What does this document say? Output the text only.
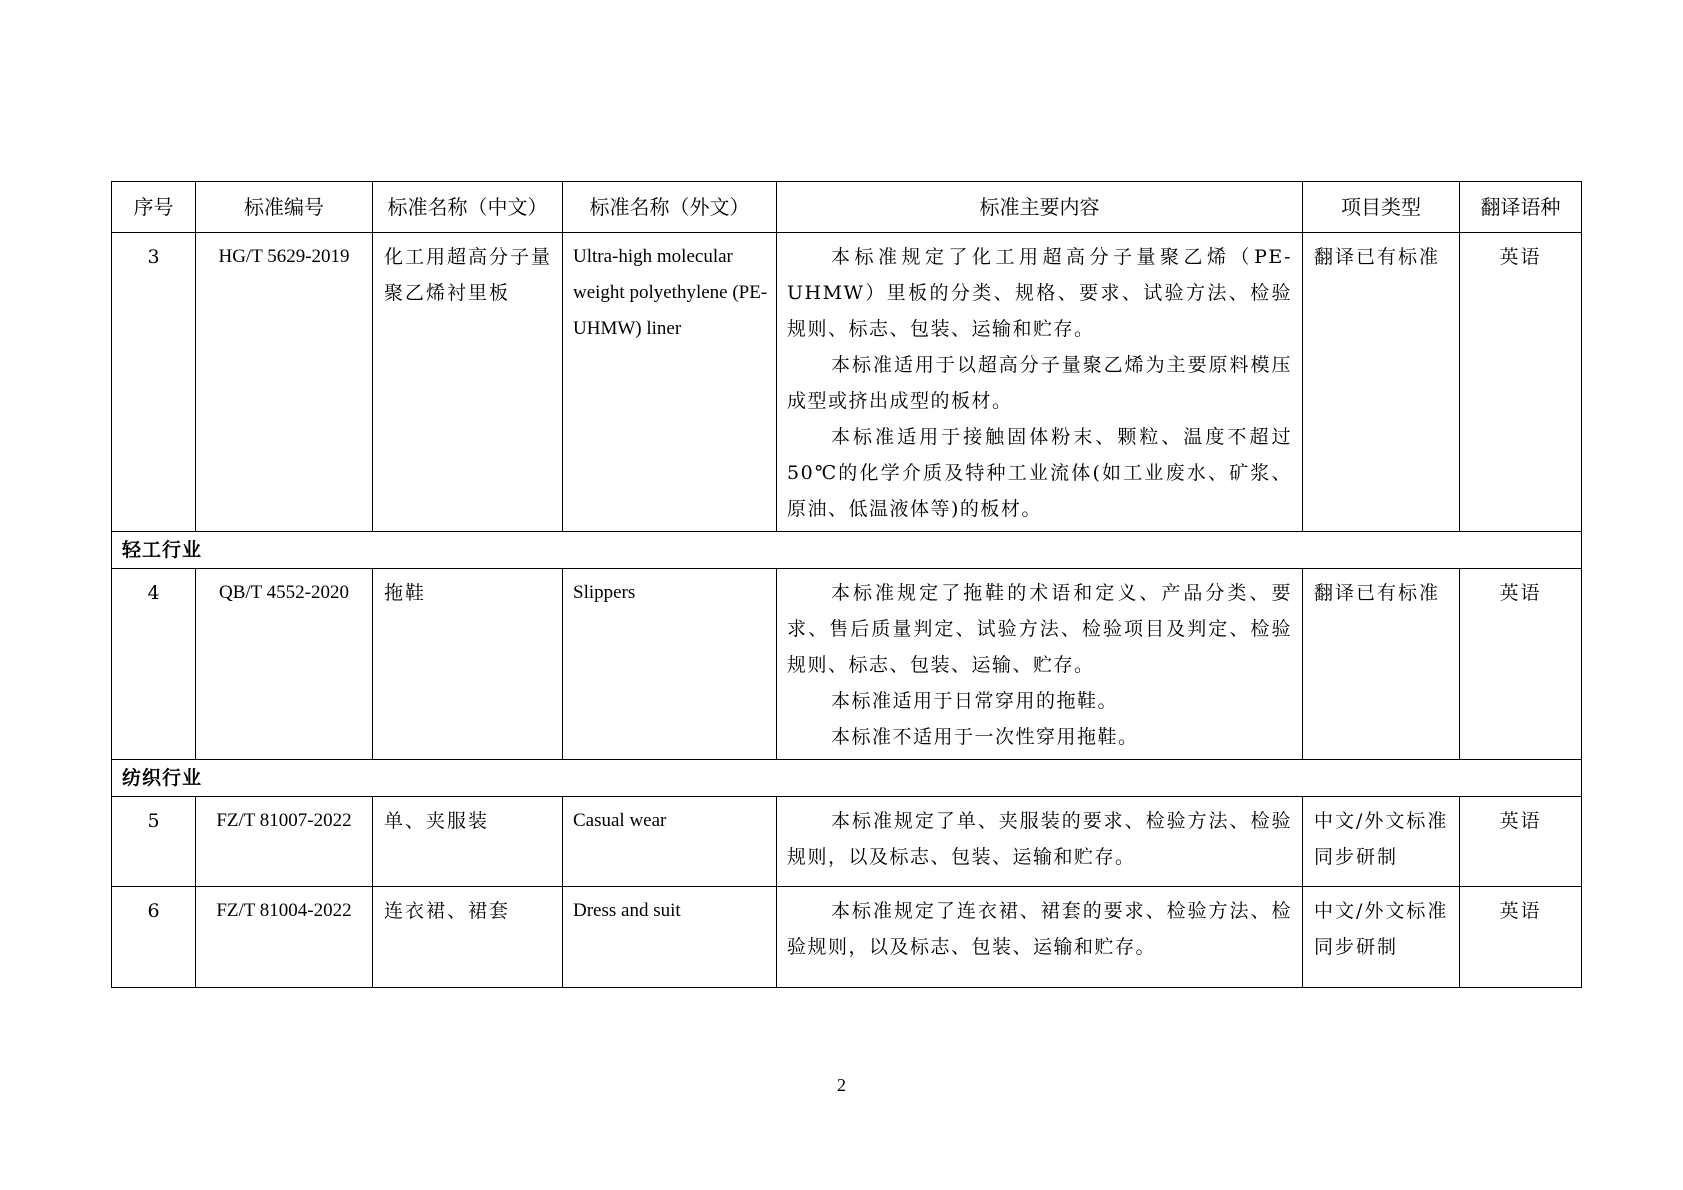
序号	标准编号	标准名称（中文）	标准名称（外文）	标准主要内容	项目类型	翻译语种
3	HG/T 5629-2019	化工用超高分子量聚乙烯衬里板	Ultra-high molecular weight polyethylene (PE-UHMW) liner	本标准规定了化工用超高分子量聚乙烯（PE-UHMW）里板的分类、规格、要求、试验方法、检验规则、标志、包装、运输和贮存。
本标准适用于以超高分子量聚乙烯为主要原料模压成型或挤出成型的板材。
本标准适用于接触固体粉末、颗粒、温度不超过50℃的化学介质及特种工业流体(如工业废水、矿浆、原油、低温液体等)的板材。	翻译已有标准	英语
轻工行业						
4	QB/T 4552-2020	拖鞋	Slippers	本标准规定了拖鞋的术语和定义、产品分类、要求、售后质量判定、试验方法、检验项目及判定、检验规则、标志、包装、运输、贮存。
本标准适用于日常穿用的拖鞋。
本标准不适用于一次性穿用拖鞋。	翻译已有标准	英语
纺织行业						
5	FZ/T 81007-2022	单、夹服装	Casual wear	本标准规定了单、夹服装的要求、检验方法、检验规则，以及标志、包装、运输和贮存。	中文/外文标准同步研制	英语
6	FZ/T 81004-2022	连衣裙、裙套	Dress and suit	本标准规定了连衣裙、裙套的要求、检验方法、检验规则，以及标志、包装、运输和贮存。	中文/外文标准同步研制	英语
2
